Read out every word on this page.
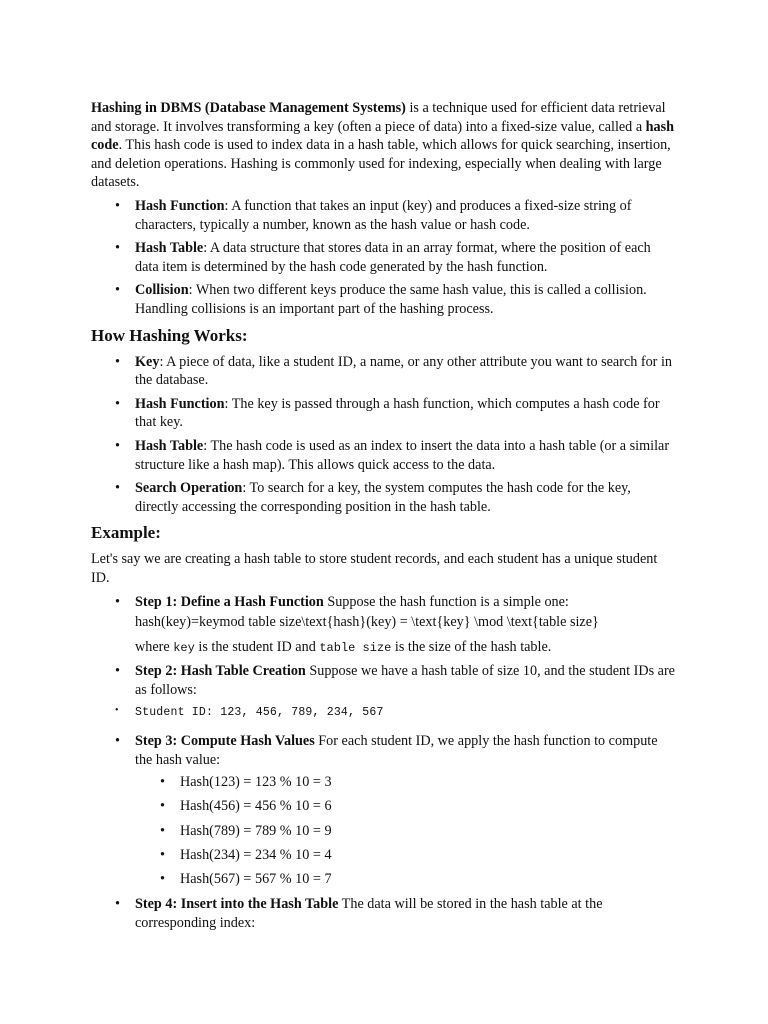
Hashing in DBMS (Database Management Systems) is a technique used for efficient data retrieval and storage. It involves transforming a key (often a piece of data) into a fixed-size value, called a hash code. This hash code is used to index data in a hash table, which allows for quick searching, insertion, and deletion operations. Hashing is commonly used for indexing, especially when dealing with large datasets.

• Hash Function: A function that takes an input (key) and produces a fixed-size string of characters, typically a number, known as the hash value or hash code.
• Hash Table: A data structure that stores data in an array format, where the position of each data item is determined by the hash code generated by the hash function.
• Collision: When two different keys produce the same hash value, this is called a collision. Handling collisions is an important part of the hashing process.
How Hashing Works:
• Key: A piece of data, like a student ID, a name, or any other attribute you want to search for in the database.
• Hash Function: The key is passed through a hash function, which computes a hash code for that key.
• Hash Table: The hash code is used as an index to insert the data into a hash table (or a similar structure like a hash map). This allows quick access to the data.
• Search Operation: To search for a key, the system computes the hash code for the key, directly accessing the corresponding position in the hash table.
Example:

Let's say we are creating a hash table to store student records, and each student has a unique student ID.

• Step 1: Define a Hash Function Suppose the hash function is a simple one:
hash(key)=keymod table size\text{hash}(key) = \text{key} \mod \text{table size}
where key is the student ID and table size is the size of the hash table.
• Step 2: Hash Table Creation Suppose we have a hash table of size 10, and the student IDs are as follows:
• Student ID: 123, 456, 789, 234, 567
• Step 3: Compute Hash Values For each student ID, we apply the hash function to compute the hash value:
• Hash(123) = 123 % 10 = 3
• Hash(456) = 456 % 10 = 6
• Hash(789) = 789 % 10 = 9
• Hash(234) = 234 % 10 = 4
• Hash(567) = 567 % 10 = 7
• Step 4: Insert into the Hash Table The data will be stored in the hash table at the corresponding index:
